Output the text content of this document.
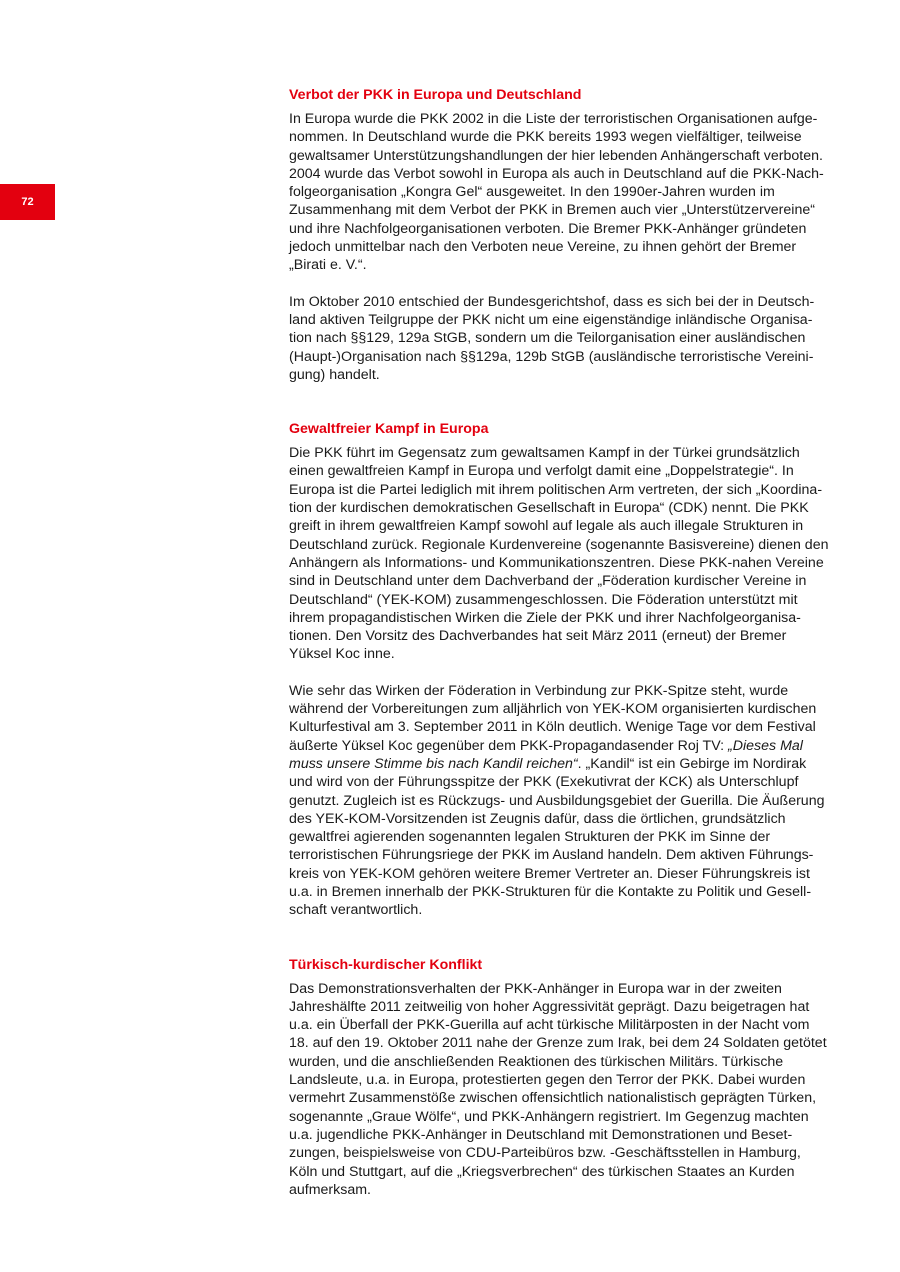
72
Verbot der PKK in Europa und Deutschland
In Europa wurde die PKK 2002 in die Liste der terroristischen Organisationen aufge-
nommen. In Deutschland wurde die PKK bereits 1993 wegen vielfältiger, teilweise
gewaltsamer Unterstützungshandlungen der hier lebenden Anhängerschaft verboten.
2004 wurde das Verbot sowohl in Europa als auch in Deutschland auf die PKK-Nach-
folgeorganisation „Kongra Gel“ ausgeweitet. In den 1990er-Jahren wurden im
Zusammenhang mit dem Verbot der PKK in Bremen auch vier „Unterstützervereine“
und ihre Nachfolgeorganisationen verboten. Die Bremer PKK-Anhänger gründeten
jedoch unmittelbar nach den Verboten neue Vereine, zu ihnen gehört der Bremer
„Birati e. V.“.
Im Oktober 2010 entschied der Bundesgerichtshof, dass es sich bei der in Deutsch-
land aktiven Teilgruppe der PKK nicht um eine eigenständige inländische Organisa-
tion nach §§129, 129a StGB, sondern um die Teilorganisation einer ausländischen
(Haupt-)Organisation nach §§129a, 129b StGB (ausländische terroristische Vereini-
gung) handelt.
Gewaltfreier Kampf in Europa
Die PKK führt im Gegensatz zum gewaltsamen Kampf in der Türkei grundsätzlich
einen gewaltfreien Kampf in Europa und verfolgt damit eine „Doppelstrategie“. In
Europa ist die Partei lediglich mit ihrem politischen Arm vertreten, der sich „Koordina-
tion der kurdischen demokratischen Gesellschaft in Europa“ (CDK) nennt. Die PKK
greift in ihrem gewaltfreien Kampf sowohl auf legale als auch illegale Strukturen in
Deutschland zurück. Regionale Kurdenvereine (sogenannte Basisvereine) dienen den
Anhängern als Informations- und Kommunikationszentren. Diese PKK-nahen Vereine
sind in Deutschland unter dem Dachverband der „Föderation kurdischer Vereine in
Deutschland“ (YEK-KOM) zusammengeschlossen. Die Föderation unterstützt mit
ihrem propagandistischen Wirken die Ziele der PKK und ihrer Nachfolgeorganisa-
tionen. Den Vorsitz des Dachverbandes hat seit März 2011 (erneut) der Bremer
Yüksel Koc inne.
Wie sehr das Wirken der Föderation in Verbindung zur PKK-Spitze steht, wurde
während der Vorbereitungen zum alljährlich von YEK-KOM organisierten kurdischen
Kulturfestival am 3. September 2011 in Köln deutlich. Wenige Tage vor dem Festival
äußerte Yüksel Koc gegenüber dem PKK-Propagandasender Roj TV: „Dieses Mal
muss unsere Stimme bis nach Kandil reichen“. „Kandil“ ist ein Gebirge im Nordirak
und wird von der Führungsspitze der PKK (Exekutivrat der KCK) als Unterschlupf
genutzt. Zugleich ist es Rückzugs- und Ausbildungsgebiet der Guerilla. Die Äußerung
des YEK-KOM-Vorsitzenden ist Zeugnis dafür, dass die örtlichen, grundsätzlich
gewaltfrei agierenden sogenannten legalen Strukturen der PKK im Sinne der
terroristischen Führungsriege der PKK im Ausland handeln. Dem aktiven Führungs-
kreis von YEK-KOM gehören weitere Bremer Vertreter an. Dieser Führungskreis ist
u.a. in Bremen innerhalb der PKK-Strukturen für die Kontakte zu Politik und Gesell-
schaft verantwortlich.
Türkisch-kurdischer Konflikt
Das Demonstrationsverhalten der PKK-Anhänger in Europa war in der zweiten
Jahreshälfte 2011 zeitweilig von hoher Aggressivität geprägt. Dazu beigetragen hat
u.a. ein Überfall der PKK-Guerilla auf acht türkische Militärposten in der Nacht vom
18. auf den 19. Oktober 2011 nahe der Grenze zum Irak, bei dem 24 Soldaten getötet
wurden, und die anschließenden Reaktionen des türkischen Militärs. Türkische
Landsleute, u.a. in Europa, protestierten gegen den Terror der PKK. Dabei wurden
vermehrt Zusammenstöße zwischen offensichtlich nationalistisch geprägten Türken,
sogenannte „Graue Wölfe“, und PKK-Anhängern registriert. Im Gegenzug machten
u.a. jugendliche PKK-Anhänger in Deutschland mit Demonstrationen und Beset-
zungen, beispielsweise von CDU-Parteibüros bzw. -Geschäftsstellen in Hamburg,
Köln und Stuttgart, auf die „Kriegsverbrechen“ des türkischen Staates an Kurden
aufmerksam.
